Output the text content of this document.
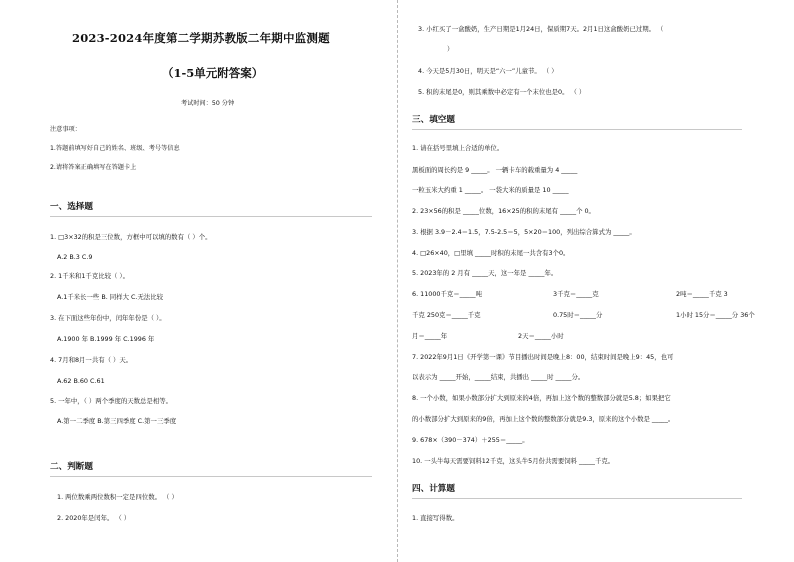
2023-2024年度第二学期苏教版二年期中监测题
（1-5单元附答案）
考试时间：50 分钟
注意事项：
1.答题前填写好自己的姓名、班级、考号等信息
2.请将答案正确填写在答题卡上
一、选择题
1. □3×32的积是三位数，方框中可以填的数有（ ）个。
A.2 B.3 C.9
2. 1千米和1千克比较（ ）。
A.1千米长一些 B. 同样大 C.无法比较
3. 在下面这些年份中，闰年年份是（ ）。
A.1900 年 B.1999 年 C.1996 年
4. 7月和8月一共有（ ）天。
A.62 B.60 C.61
5. 一年中，（ ）两个季度的天数总是相等。
A.第一二季度 B.第三四季度 C.第一三季度
二、判断题
1. 两位数乘两位数积一定是四位数。 （ ）
2. 2020年是闰年。 （ ）
3. 小红买了一盒酸奶，生产日期是1月24日，保质期7天。2月1日这盒酸奶已过期。 （
）
4. 今天是5月30日，明天是“六一”儿童节。 （ ）
5. 积的末尾是0，则其乘数中必定有一个末位也是0。 （ ）
三、填空题
1. 请在括号里填上合适的单位。
黑板面的周长约是 9 _____。 一辆卡车的载重量为 4 _____
一粒玉米大约重 1 _____。 一袋大米的质量是 10 _____
2. 23×56的积是 _____位数，16×25的积的末尾有 _____个 0。
3. 根据 3.9－2.4＝1.5，7.5-2.5＝5，5×20＝100，列出综合算式为 _____。
4. □26×40，□里填 _____时积的末尾一共含有3个0。
5. 2023年的 2 月有 _____天，这一年是 _____年。
6. 11000千克＝_____吨	3千克＝_____克	2吨＝_____千克 3
千克 250克＝_____千克	0.75时＝_____分	1小时 15分＝_____分 36个
月＝_____年	2天＝_____小时
7. 2022年9月1日《开学第一课》节目播出时间是晚上8：00，结束时间是晚上9：45，也可
以表示为 _____开始，_____结束，共播出 _____时 _____分。
8. 一个小数，如果小数部分扩大到原来的4倍，再加上这个数的整数部分就是5.8；如果把它
的小数部分扩大到原来的9倍，再加上这个数的整数部分就是9.3，原来的这个小数是 _____。
9. 678×（390－374）＋255＝_____。
10. 一头牛每天需要饲料12千克，这头牛5月份共需要饲料 _____千克。
四、计算题
1. 直接写得数。
